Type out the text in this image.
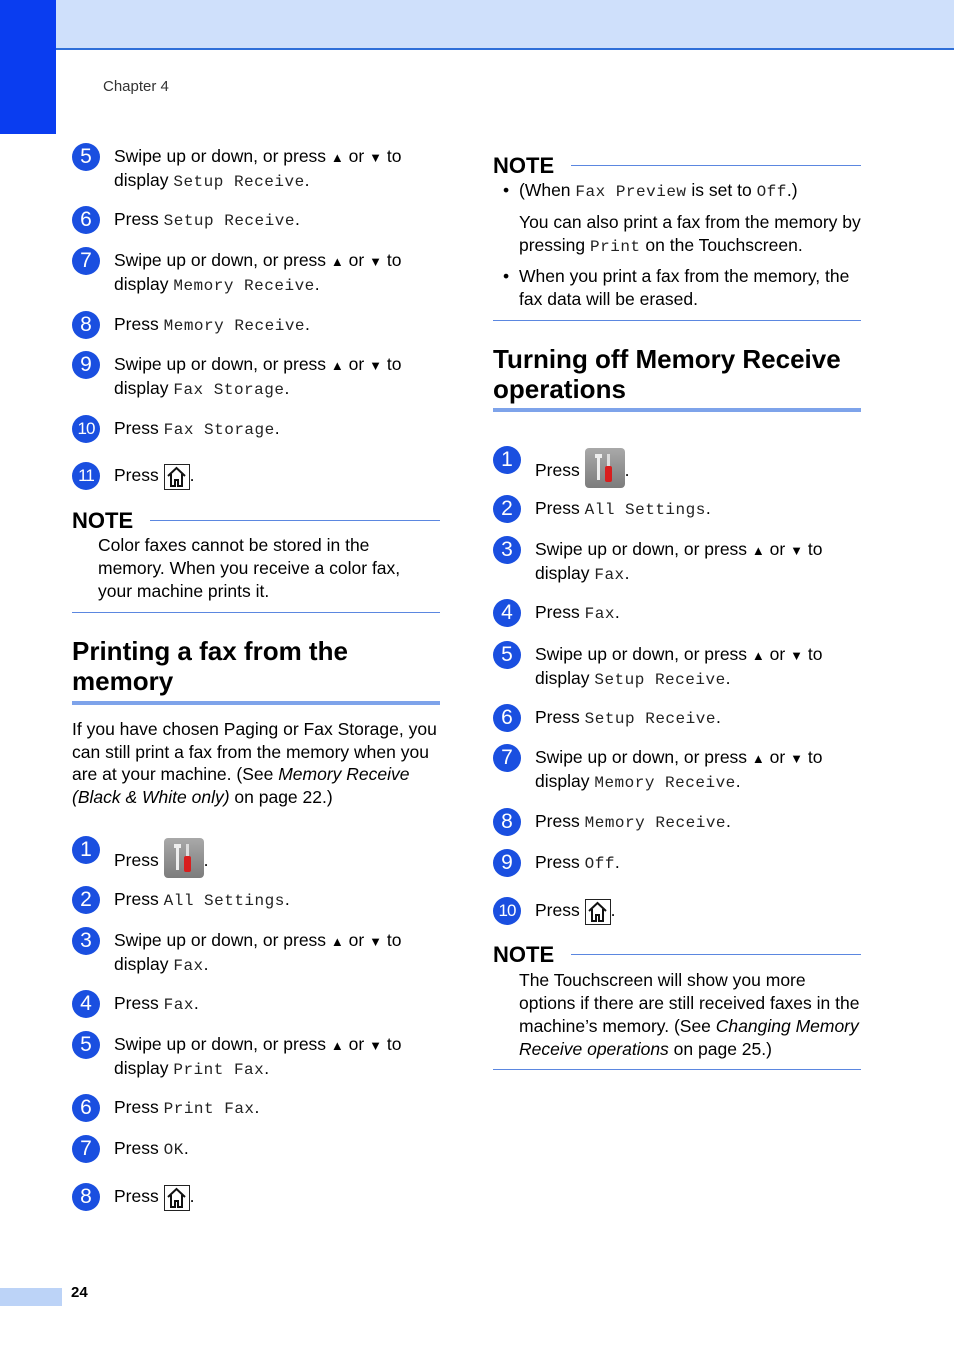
Chapter 4
5	Swipe up or down, or press ▲ or ▼ to
display Setup Receive.
6	Press Setup Receive.
7	Swipe up or down, or press ▲ or ▼ to
display Memory Receive.
8	Press Memory Receive.
9	Swipe up or down, or press ▲ or ▼ to
display Fax Storage.
10	Press Fax Storage.
11	Press .
NOTE
Color faxes cannot be stored in the memory. When you receive a color fax, your machine prints it.
Printing a fax from the
memory
If you have chosen Paging or Fax Storage, you can still print a fax from the memory when you are at your machine. (See Memory Receive (Black & White only) on page 22.)
1	Press .
2	Press All Settings.
3	Swipe up or down, or press ▲ or ▼ to
display Fax.
4	Press Fax.
5	Swipe up or down, or press ▲ or ▼ to
display Print Fax.
6	Press Print Fax.
7	Press OK.
8	Press .
NOTE
• (When Fax Preview is set to Off.)
You can also print a fax from the memory by pressing Print on the Touchscreen.
• When you print a fax from the memory, the fax data will be erased.
Turning off Memory Receive
operations
1	Press .
2	Press All Settings.
3	Swipe up or down, or press ▲ or ▼ to
display Fax.
4	Press Fax.
5	Swipe up or down, or press ▲ or ▼ to
display Setup Receive.
6	Press Setup Receive.
7	Swipe up or down, or press ▲ or ▼ to
display Memory Receive.
8	Press Memory Receive.
9	Press Off.
10	Press .
NOTE
The Touchscreen will show you more options if there are still received faxes in the machine’s memory. (See Changing Memory Receive operations on page 25.)
24
